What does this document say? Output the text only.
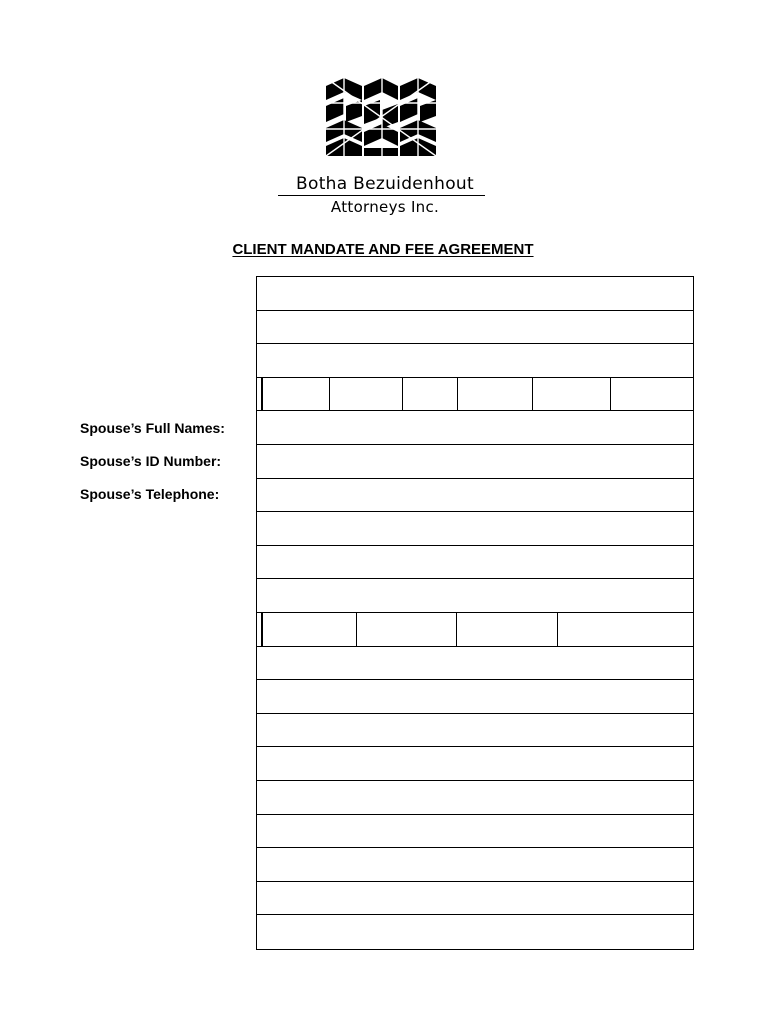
Botha Bezuidenhout
Attorneys Inc.
CLIENT MANDATE AND FEE AGREEMENT
Spouse’s Full Names:
Spouse’s ID Number:
Spouse’s Telephone:
